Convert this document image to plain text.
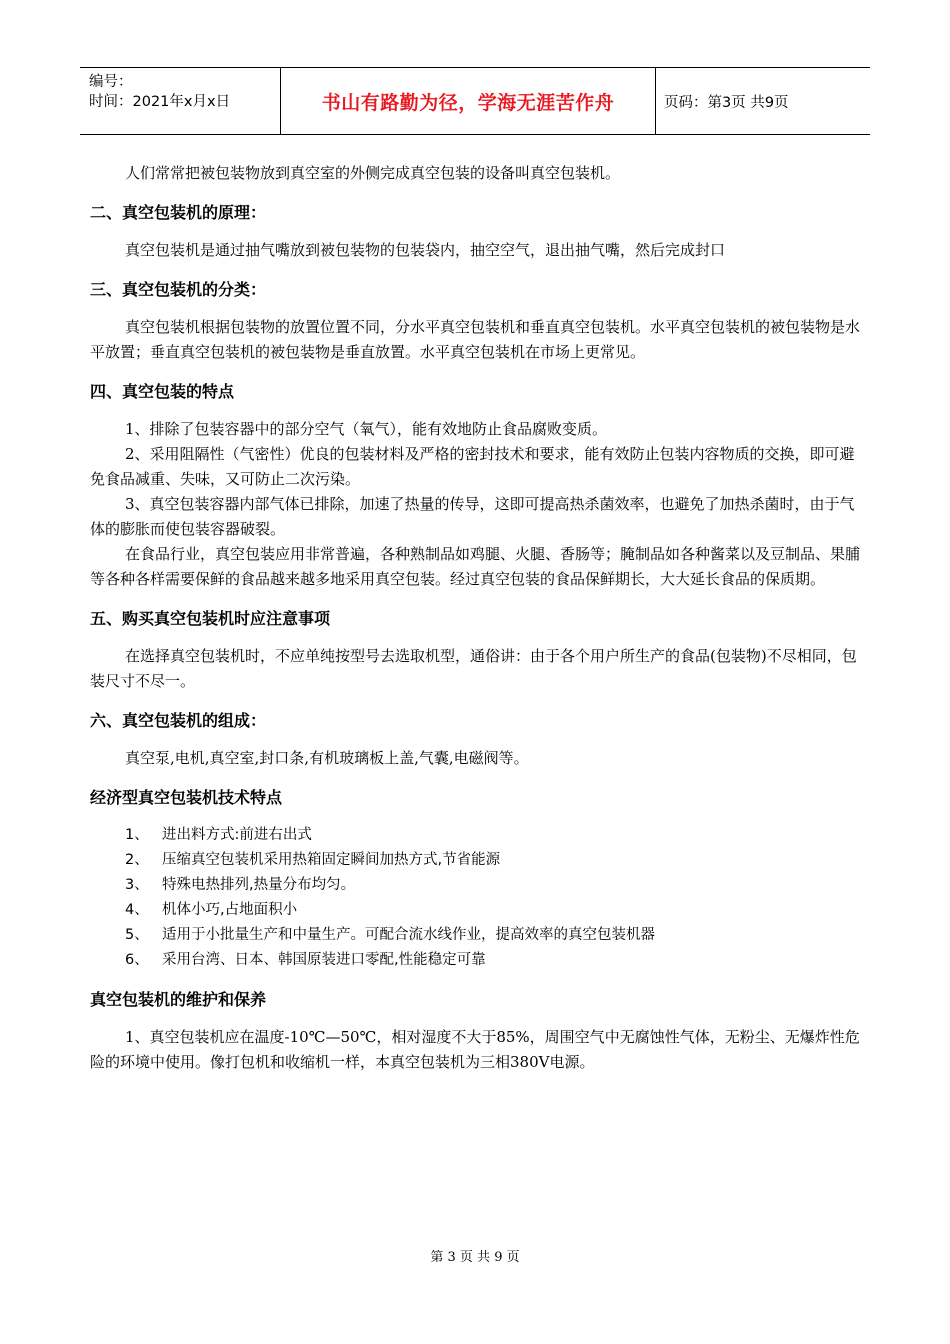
编号：
时间：2021年x月x日	书山有路勤为径，学海无涯苦作舟	页码：第3页 共9页

人们常常把被包装物放到真空室的外侧完成真空包装的设备叫真空包装机。

二、真空包装机的原理：

真空包装机是通过抽气嘴放到被包装物的包装袋内，抽空空气，退出抽气嘴，然后完成封口

三、真空包装机的分类：

真空包装机根据包装物的放置位置不同，分水平真空包装机和垂直真空包装机。水平真空包装机的被包装物是水平放置；垂直真空包装机的被包装物是垂直放置。水平真空包装机在市场上更常见。

四、真空包装的特点

1、排除了包装容器中的部分空气（氧气），能有效地防止食品腐败变质。

2、采用阻隔性（气密性）优良的包装材料及严格的密封技术和要求，能有效防止包装内容物质的交换，即可避免食品减重、失味，又可防止二次污染。

3、真空包装容器内部气体已排除，加速了热量的传导，这即可提高热杀菌效率，也避免了加热杀菌时，由于气体的膨胀而使包装容器破裂。

在食品行业，真空包装应用非常普遍，各种熟制品如鸡腿、火腿、香肠等；腌制品如各种酱菜以及豆制品、果脯等各种各样需要保鲜的食品越来越多地采用真空包装。经过真空包装的食品保鲜期长，大大延长食品的保质期。

五、购买真空包装机时应注意事项

在选择真空包装机时，不应单纯按型号去选取机型，通俗讲：由于各个用户所生产的食品(包装物)不尽相同，包装尺寸不尽一。

六、真空包装机的组成：

真空泵,电机,真空室,封口条,有机玻璃板上盖,气囊,电磁阀等。

经济型真空包装机技术特点

1、 进出料方式:前进右出式
2、 压缩真空包装机采用热箱固定瞬间加热方式,节省能源
3、 特殊电热排列,热量分布均匀。
4、 机体小巧,占地面积小
5、 适用于小批量生产和中量生产。可配合流水线作业，提高效率的真空包装机器
6、 采用台湾、日本、韩国原装进口零配,性能稳定可靠

真空包装机的维护和保养

1、真空包装机应在温度-10℃—50℃，相对湿度不大于85%，周围空气中无腐蚀性气体，无粉尘、无爆炸性危险的环境中使用。像打包机和收缩机一样，本真空包装机为三相380V电源。

第 3 页 共 9 页
